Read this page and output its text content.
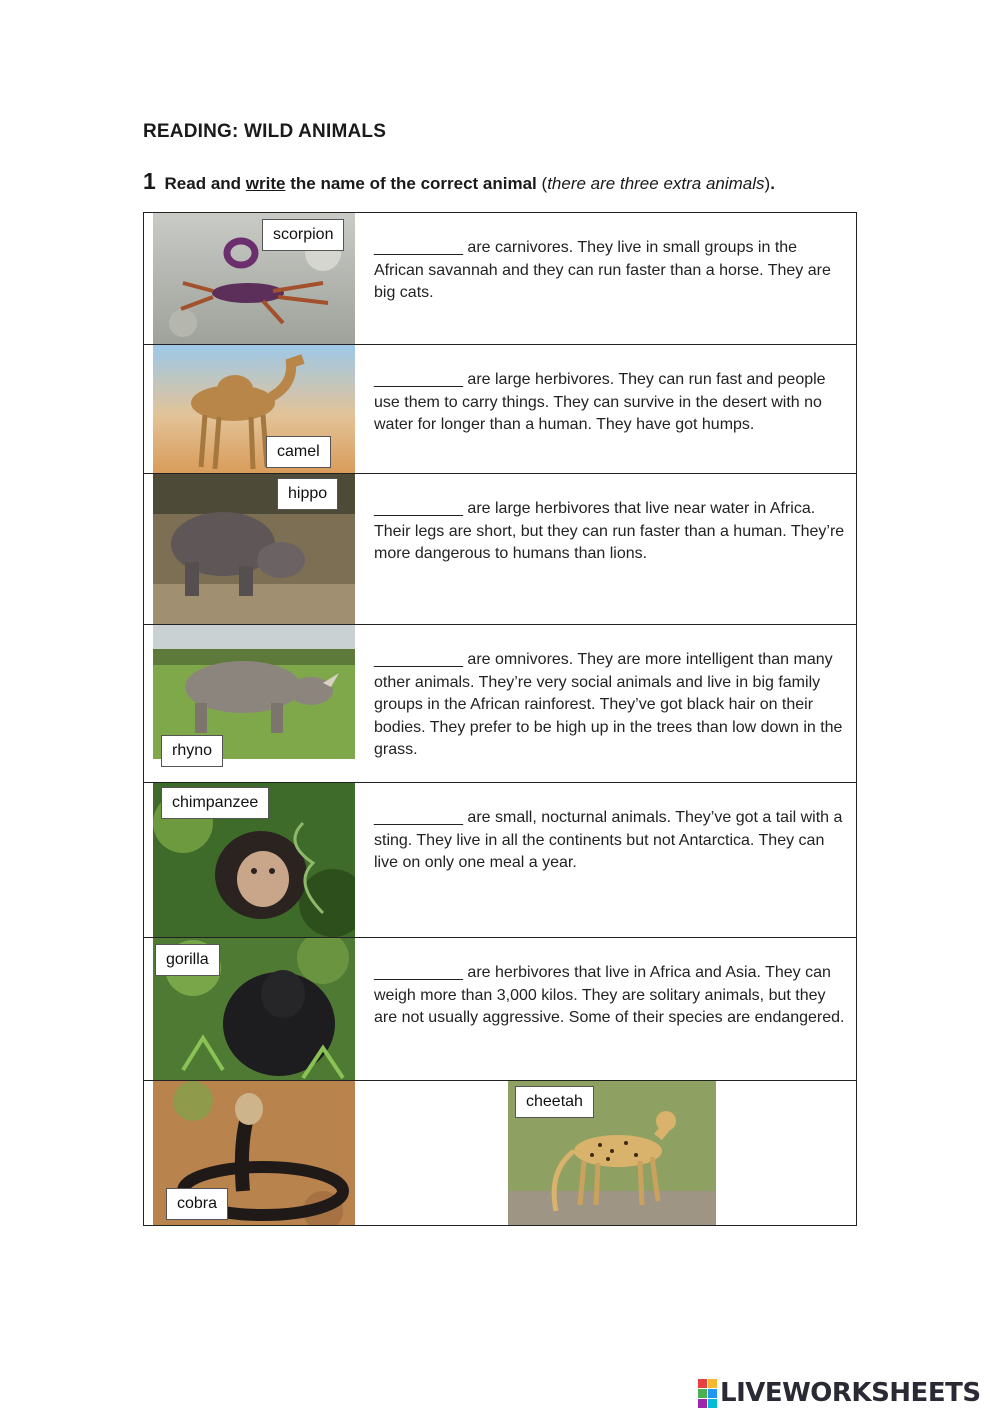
READING: WILD ANIMALS
1 Read and write the name of the correct animal (there are three extra animals).
scorpion
__________ are carnivores. They live in small groups in the African savannah and they can run faster than a horse. They are big cats.
camel
__________ are large herbivores. They can run fast and people use them to carry things. They can survive in the desert with no water for longer than a human. They have got humps.
hippo
__________ are large herbivores that live near water in Africa. Their legs are short, but they can run faster than a human. They’re more dangerous to humans than lions.
rhyno
__________ are omnivores. They are more intelligent than many other animals. They’re very social animals and live in big family groups in the African rainforest. They’ve got black hair on their bodies. They prefer to be high up in the trees than low down in the grass.
chimpanzee
__________ are small, nocturnal animals. They’ve got a tail with a sting. They live in all the continents but not Antarctica. They can live on only one meal a year.
gorilla
__________ are herbivores that live in Africa and Asia. They can weigh more than 3,000 kilos. They are solitary animals, but they are not usually aggressive. Some of their species are endangered.
cobra
cheetah
LIVEWORKSHEETS
